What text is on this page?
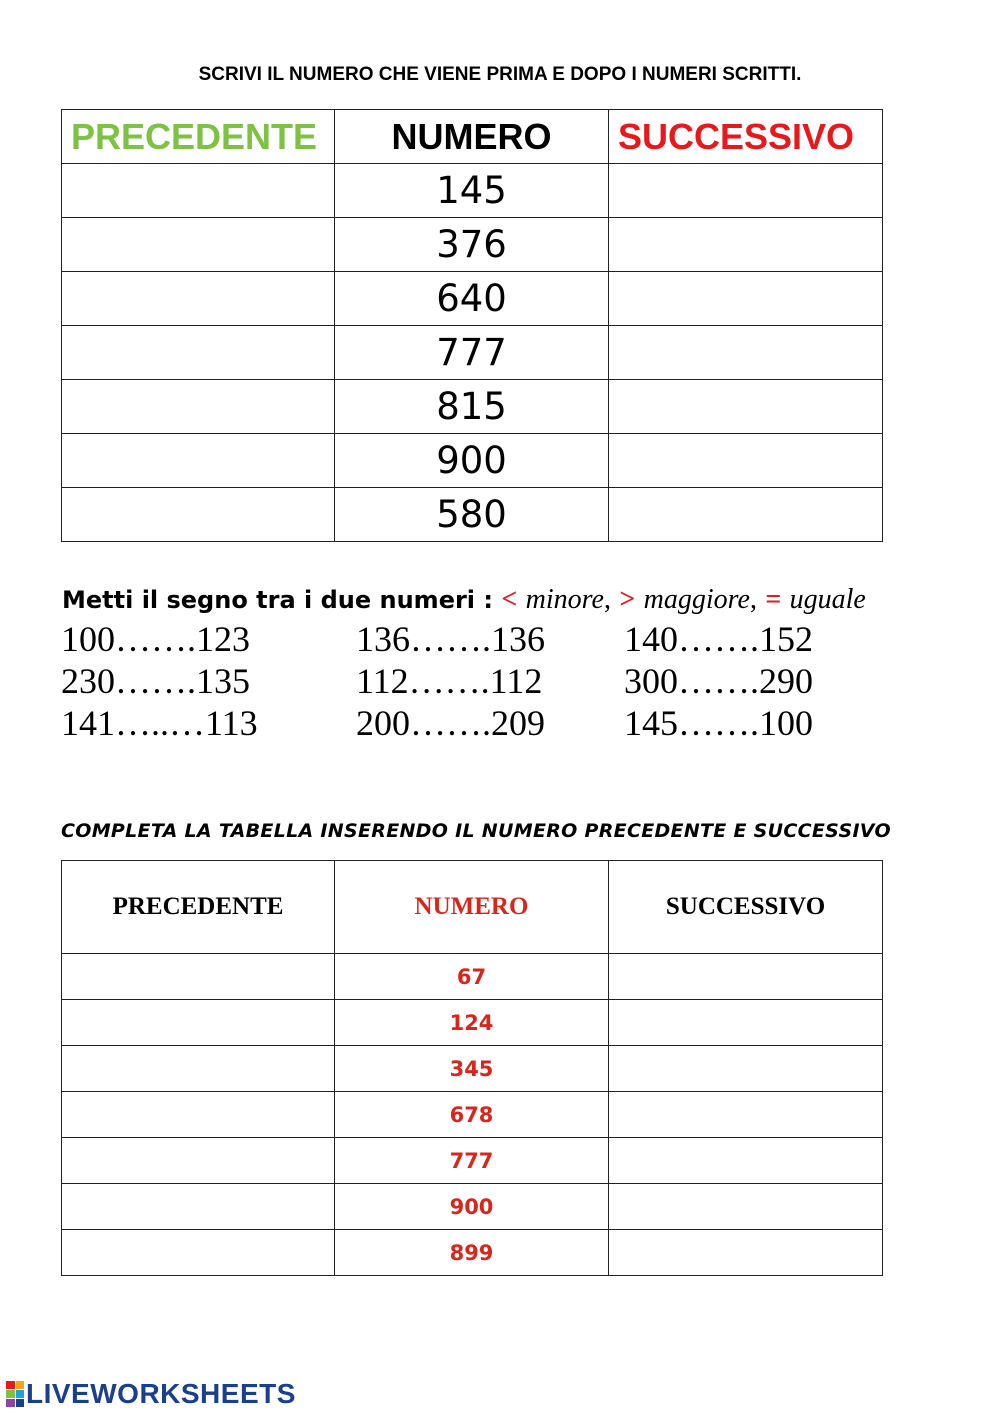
SCRIVI IL NUMERO CHE VIENE PRIMA E DOPO I NUMERI SCRITTI.
PRECEDENTE	NUMERO	SUCCESSIVO
	145	
	376	
	640	
	777	
	815	
	900	
	580	
Metti il segno tra i due numeri : < minore, > maggiore, = uguale
100…….123	136…….136 140…….152
230…….135	112…….112 300…….290
141…..…113	200…….209 145…….100
COMPLETA LA TABELLA INSERENDO IL NUMERO PRECEDENTE E SUCCESSIVO
PRECEDENTE	NUMERO	SUCCESSIVO
	67	
	124	
	345	
	678	
	777	
	900	
	899	
LIVEWORKSHEETS
